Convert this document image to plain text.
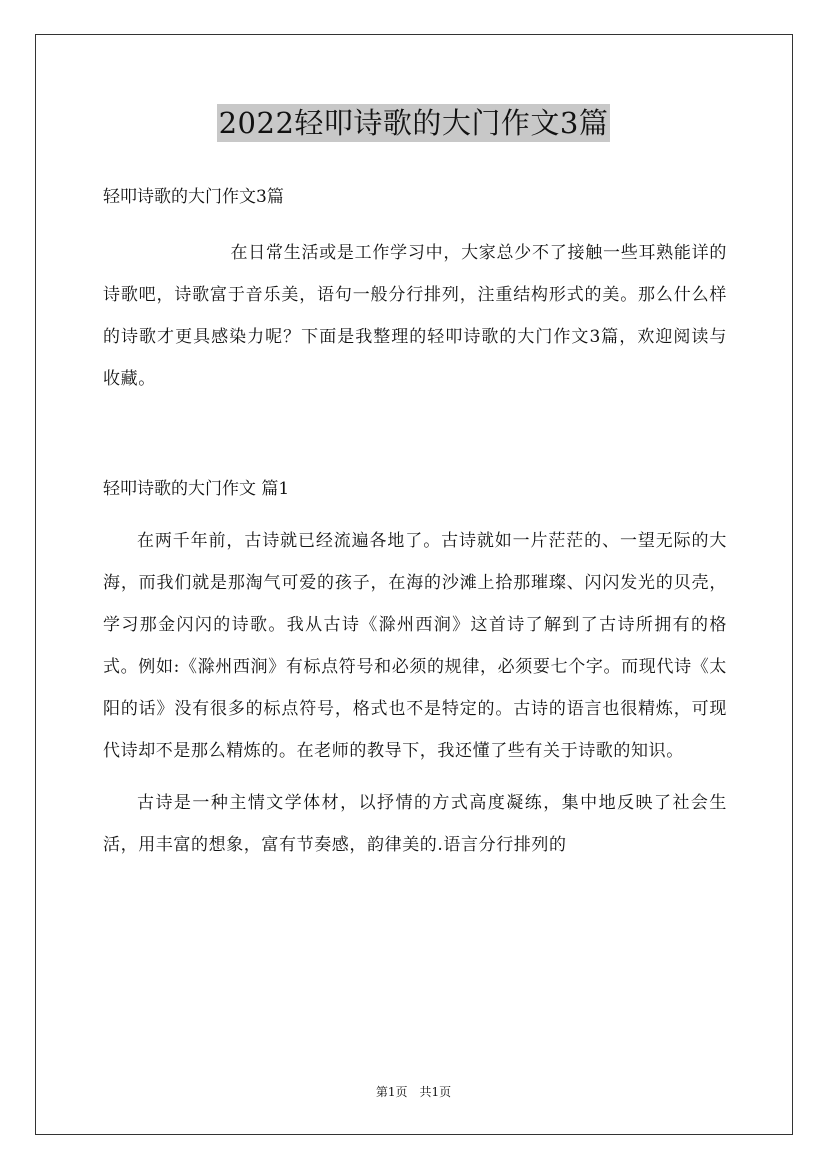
2022轻叩诗歌的大门作文3篇

轻叩诗歌的大门作文3篇

在日常生活或是工作学习中，大家总少不了接触一些耳熟能详的诗歌吧，诗歌富于音乐美，语句一般分行排列，注重结构形式的美。那么什么样的诗歌才更具感染力呢？下面是我整理的轻叩诗歌的大门作文3篇，欢迎阅读与收藏。

轻叩诗歌的大门作文 篇1

在两千年前，古诗就已经流遍各地了。古诗就如一片茫茫的、一望无际的大海，而我们就是那淘气可爱的孩子，在海的沙滩上拾那璀璨、闪闪发光的贝壳，学习那金闪闪的诗歌。我从古诗《滁州西涧》这首诗了解到了古诗所拥有的格式。例如:《滁州西涧》有标点符号和必须的规律，必须要七个字。而现代诗《太阳的话》没有很多的标点符号，格式也不是特定的。古诗的语言也很精炼，可现代诗却不是那么精炼的。在老师的教导下，我还懂了些有关于诗歌的知识。

古诗是一种主情文学体材，以抒情的方式高度凝练，集中地反映了社会生活，用丰富的想象，富有节奏感，韵律美的.语言分行排列的

第1页　共1页
